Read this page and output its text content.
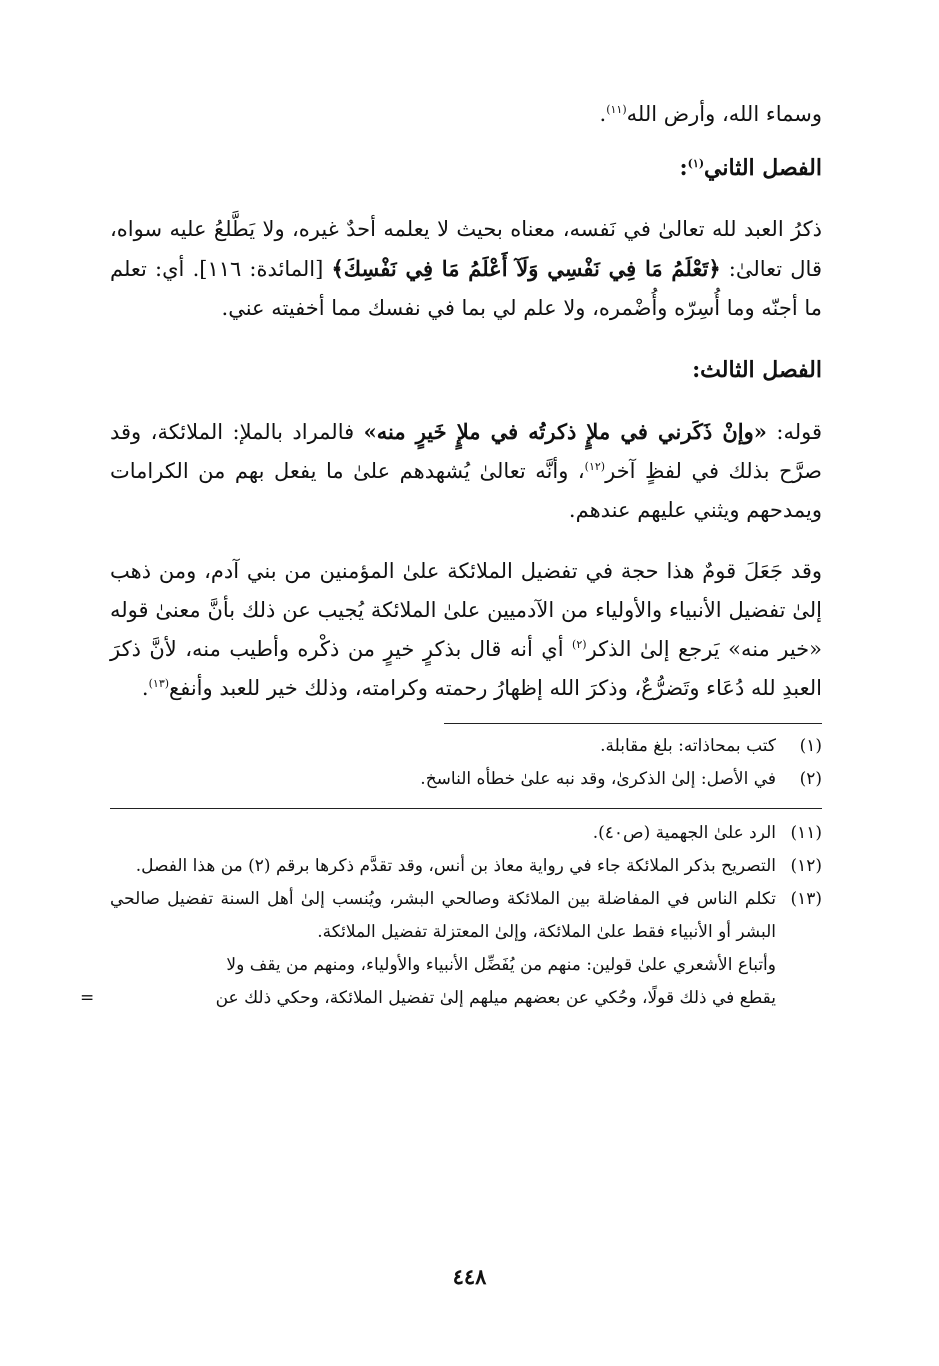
وسماء الله، وأرض الله$^{(١١)}$.

الفصل الثاني$^{(١)}$:

ذكرُ العبد لله تعالىٰ في نَفسه، معناه بحيث لا يعلمه أحدٌ غيره، ولا يَطَّلعُ عليه سواه، قال تعالىٰ: ﴿تَعْلَمُ مَا فِي نَفْسِي وَلَآ أَعْلَمُ مَا فِي نَفْسِكَ﴾ [المائدة: ١١٦]. أي: تعلم ما أجنّه وما أُسِرّه وأُضْمره، ولا علم لي بما في نفسك مما أخفيته عني.

الفصل الثالث:

قوله: «وإنْ ذَكَرني في ملإٍ ذكرتُه في ملإٍ خَيرٍ منه» فالمراد بالملإ: الملائكة، وقد صرَّح بذلك في لفظٍ آخر$^{(١٢)}$، وأنَّه تعالىٰ يُشهدهم علىٰ ما يفعل بهم من الكرامات ويمدحهم ويثني عليهم عندهم.

وقد جَعَلَ قومٌ هذا حجة في تفضيل الملائكة علىٰ المؤمنين من بني آدم، ومن ذهب إلىٰ تفضيل الأنبياء والأولياء من الآدميين علىٰ الملائكة يُجيب عن ذلك بأنَّ معنىٰ قوله «خير منه» يَرجع إلىٰ الذكر$^{(٢)}$ أي أنه قال بذكرٍ خيرٍ من ذكْره وأطيب منه، لأنَّ ذكرَ العبدِ لله دُعَاء وتَضرُّعٌ، وذكرَ الله إظهارُ رحمته وكرامته، وذلك خير للعبد وأنفع$^{(١٣)}$.

(١)
كتب بمحاذاته: بلغ مقابلة.
(٢)
في الأصل: إلىٰ الذكرىٰ، وقد نبه علىٰ خطأه الناسخ.
(١١)
الرد علىٰ الجهمية (ص٤٠).
(١٢)
التصريح بذكر الملائكة جاء في رواية معاذ بن أنس، وقد تقدَّم ذكرها برقم (٢) من هذا الفصل.
(١٣)
تكلم الناس في المفاضلة بين الملائكة وصالحي البشر، ويُنسب إلىٰ أهل السنة تفضيل صالحي البشر أو الأنبياء فقط علىٰ الملائكة، وإلىٰ المعتزلة تفضيل الملائكة.
وأتباع الأشعري علىٰ قولين: منهم من يُفَضِّل الأنبياء والأولياء، ومنهم من يقف ولا
يقطع في ذلك قولًا، وحُكي عن بعضهم ميلهم إلىٰ تفضيل الملائكة، وحكي ذلك عن
=
٤٤٨
